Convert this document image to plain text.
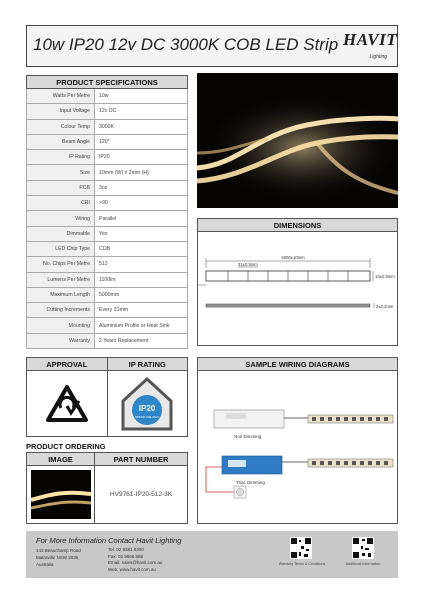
10w IP20 12v DC 3000K COB LED Strip HAVIT
Lighting
PRODUCT SPECIFICATIONS
Watts Per Metre	10w
Input Voltage	12v DC
Colour Temp	3000K
Beam Angle	120°
IP Rating	IP20
Size	10mm (W) x 2mm (H)
PCB	3oz
CRI	>90
Wiring	Parallel
Dimmable	Yes
LED Chip Type	COB
No. Chips Per Metre	512
Lumens Per Metre	1100lm
Maximum Length	5000mm
Cutting Increments	Every 31mm
Mounting	Aluminium Profile or Heat Sink
Warranty	2 Years Replacement
DIMENSIONS
5000±10mm
31±0.5mm
10±0.5mm
2±0.2mm
APPROVAL	IP RATING
IP20
INDOOR USE ONLY
PRODUCT ORDERING
IMAGE	PART NUMBER
HV9761-IP20-512-3K
SAMPLE WIRING DIAGRAMS
Non Dimming
Triac Dimming
For More Information Contact Havit Lighting
143 Beauchamp Road
Matraville NSW 2036
Australia
Tel: 02 9381 8300
Fax: 02 9666 888
Email: sales@havit.com.au
Web: www.havit.com.au
Warranty Terms & Conditions	Additional Information
